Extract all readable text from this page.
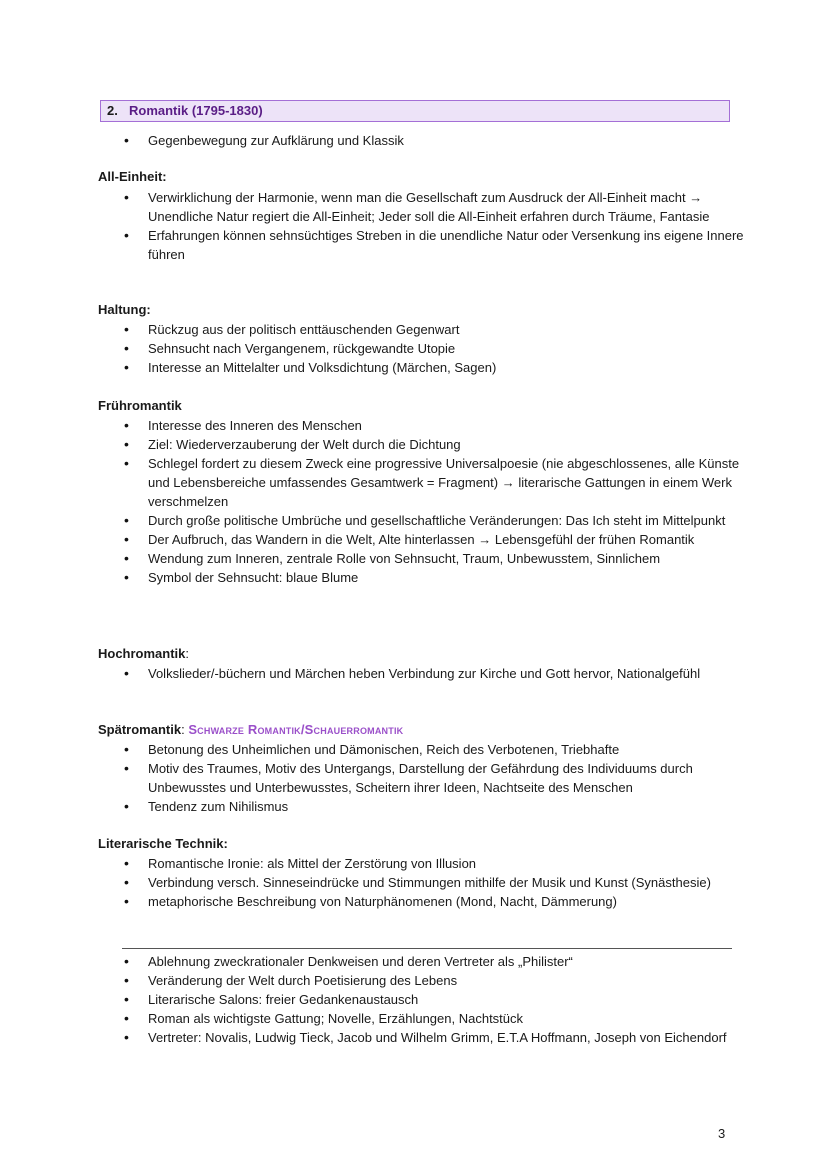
2. Romantik (1795-1830)
• Gegenbewegung zur Aufklärung und Klassik

All-Einheit:

• Verwirklichung der Harmonie, wenn man die Gesellschaft zum Ausdruck der All-Einheit macht → Unendliche Natur regiert die All-Einheit; Jeder soll die All-Einheit erfahren durch Träume, Fantasie
• Erfahrungen können sehnsüchtiges Streben in die unendliche Natur oder Versenkung ins eigene Innere führen

Haltung:

• Rückzug aus der politisch enttäuschenden Gegenwart
• Sehnsucht nach Vergangenem, rückgewandte Utopie
• Interesse an Mittelalter und Volksdichtung (Märchen, Sagen)

Frühromantik

• Interesse des Inneren des Menschen
• Ziel: Wiederverzauberung der Welt durch die Dichtung
• Schlegel fordert zu diesem Zweck eine progressive Universalpoesie (nie abgeschlossenes, alle Künste und Lebensbereiche umfassendes Gesamtwerk = Fragment) → literarische Gattungen in einem Werk verschmelzen
• Durch große politische Umbrüche und gesellschaftliche Veränderungen: Das Ich steht im Mittelpunkt
• Der Aufbruch, das Wandern in die Welt, Alte hinterlassen → Lebensgefühl der frühen Romantik
• Wendung zum Inneren, zentrale Rolle von Sehnsucht, Traum, Unbewusstem, Sinnlichem
• Symbol der Sehnsucht: blaue Blume

Hochromantik:

• Volkslieder/-büchern und Märchen heben Verbindung zur Kirche und Gott hervor, Nationalgefühl

Spätromantik: Schwarze Romantik/Schauerromantik

• Betonung des Unheimlichen und Dämonischen, Reich des Verbotenen, Triebhafte
• Motiv des Traumes, Motiv des Untergangs, Darstellung der Gefährdung des Individuums durch Unbewusstes und Unterbewusstes, Scheitern ihrer Ideen, Nachtseite des Menschen
• Tendenz zum Nihilismus

Literarische Technik:

• Romantische Ironie: als Mittel der Zerstörung von Illusion
• Verbindung versch. Sinneseindrücke und Stimmungen mithilfe der Musik und Kunst (Synästhesie)
• metaphorische Beschreibung von Naturphänomenen (Mond, Nacht, Dämmerung)
• Ablehnung zweckrationaler Denkweisen und deren Vertreter als „Philister“
• Veränderung der Welt durch Poetisierung des Lebens
• Literarische Salons: freier Gedankenaustausch
• Roman als wichtigste Gattung; Novelle, Erzählungen, Nachtstück
• Vertreter: Novalis, Ludwig Tieck, Jacob und Wilhelm Grimm, E.T.A Hoffmann, Joseph von Eichendorf
3
